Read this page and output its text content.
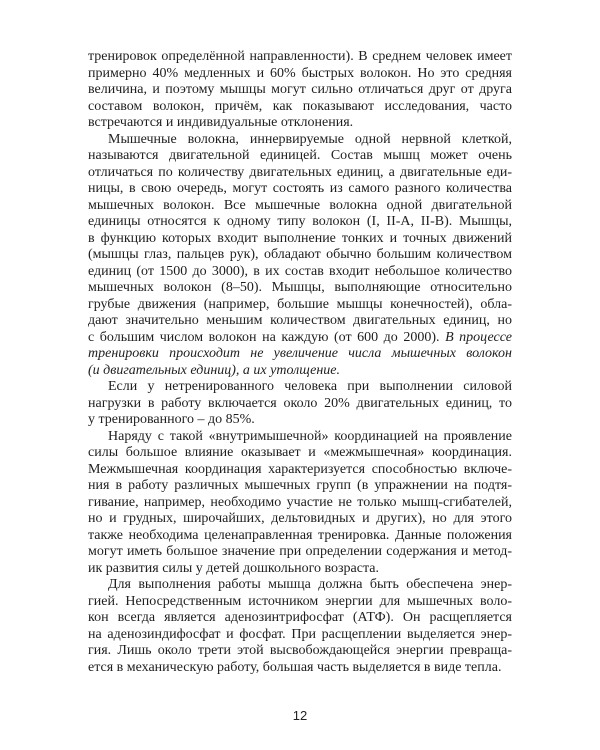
тренировок определённой направленности). В среднем человек имеет
примерно 40% медленных и 60% быстрых волокон. Но это средняя
величина, и поэтому мышцы могут сильно отличаться друг от друга
составом волокон, причём, как показывают исследования, часто
встречаются и индивидуальные отклонения.
Мышечные волокна, иннервируемые одной нервной клеткой,
называются двигательной единицей. Состав мышц может очень
отличаться по количеству двигательных единиц, а двигательные еди-
ницы, в свою очередь, могут состоять из самого разного количества
мышечных волокон. Все мышечные волокна одной двигательной
единицы относятся к одному типу волокон (I, II-А, II-В). Мышцы,
в функцию которых входит выполнение тонких и точных движений
(мышцы глаз, пальцев рук), обладают обычно большим количеством
единиц (от 1500 до 3000), в их состав входит небольшое количество
мышечных волокон (8–50). Мышцы, выполняющие относительно
грубые движения (например, большие мышцы конечностей), обла-
дают значительно меньшим количеством двигательных единиц, но
с большим числом волокон на каждую (от 600 до 2000). В процессе
тренировки происходит не увеличение числа мышечных волокон
(и двигательных единиц), а их утолщение.
Если у нетренированного человека при выполнении силовой
нагрузки в работу включается около 20% двигательных единиц, то
у тренированного – до 85%.
Наряду с такой «внутримышечной» координацией на проявление
силы большое влияние оказывает и «межмышечная» координация.
Межмышечная координация характеризуется способностью включе-
ния в работу различных мышечных групп (в упражнении на подтя-
гивание, например, необходимо участие не только мышц-сгибателей,
но и грудных, широчайших, дельтовидных и других), но для этого
также необходима целенаправленная тренировка. Данные положения
могут иметь большое значение при определении содержания и метод-
ик развития силы у детей дошкольного возраста.
Для выполнения работы мышца должна быть обеспечена энер-
гией. Непосредственным источником энергии для мышечных воло-
кон всегда является аденозинтрифосфат (АТФ). Он расщепляется
на аденозиндифосфат и фосфат. При расщеплении выделяется энер-
гия. Лишь около трети этой высвобождающейся энергии превраща-
ется в механическую работу, большая часть выделяется в виде тепла.
12
